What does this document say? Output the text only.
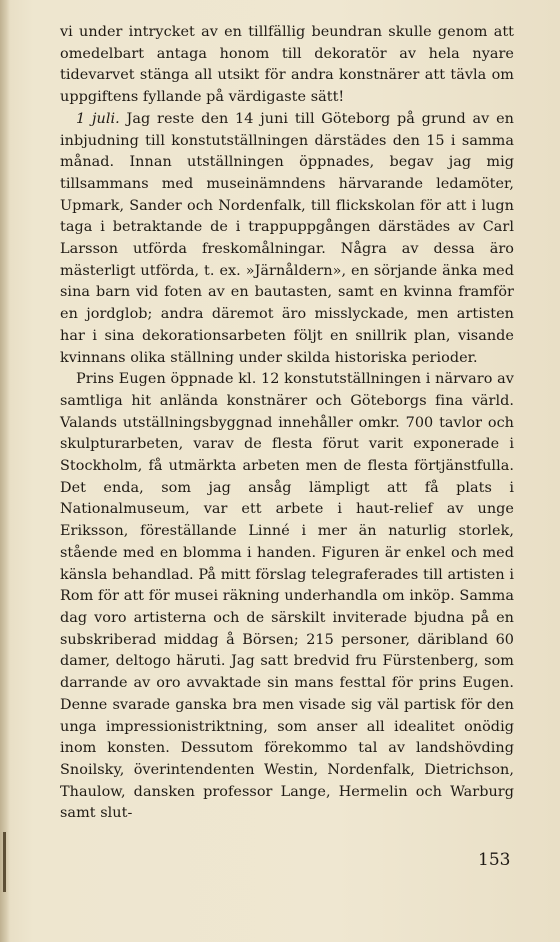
vi under intrycket av en tillfällig beundran skulle genom att omedelbart antaga honom till dekoratör av hela nyare tidevarvet stänga all utsikt för andra konstnärer att tävla om uppgiftens fyllande på värdigaste sätt!

1 juli. Jag reste den 14 juni till Göteborg på grund av en inbjudning till konstutställningen därstädes den 15 i samma månad. Innan utställningen öppnades, begav jag mig tillsammans med museinämndens härvarande ledamöter, Upmark, Sander och Nordenfalk, till flickskolan för att i lugn taga i betraktande de i trappuppgången därstädes av Carl Larsson utförda freskomålningar. Några av dessa äro mästerligt utförda, t. ex. »Järnåldern», en sörjande änka med sina barn vid foten av en bautasten, samt en kvinna framför en jordglob; andra däremot äro misslyckade, men artisten har i sina dekorationsarbeten följt en snillrik plan, visande kvinnans olika ställning under skilda historiska perioder.

Prins Eugen öppnade kl. 12 konstutställningen i närvaro av samtliga hit anlända konstnärer och Göteborgs fina värld. Valands utställningsbyggnad innehåller omkr. 700 tavlor och skulpturarbeten, varav de flesta förut varit exponerade i Stockholm, få utmärkta arbeten men de flesta förtjänstfulla. Det enda, som jag ansåg lämpligt att få plats i Nationalmuseum, var ett arbete i haut-relief av unge Eriksson, föreställande Linné i mer än naturlig storlek, stående med en blomma i handen. Figuren är enkel och med känsla behandlad. På mitt förslag telegraferades till artisten i Rom för att för musei räkning underhandla om inköp. Samma dag voro artisterna och de särskilt inviterade bjudna på en subskriberad middag å Börsen; 215 personer, däribland 60 damer, deltogo häruti. Jag satt bredvid fru Fürstenberg, som darrande av oro avvaktade sin mans festtal för prins Eugen. Denne svarade ganska bra men visade sig väl partisk för den unga impressionistriktning, som anser all idealitet onödig inom konsten. Dessutom förekommo tal av landshövding Snoilsky, överintendenten Westin, Nordenfalk, Dietrichson, Thaulow, dansken professor Lange, Hermelin och Warburg samt slut-

153
